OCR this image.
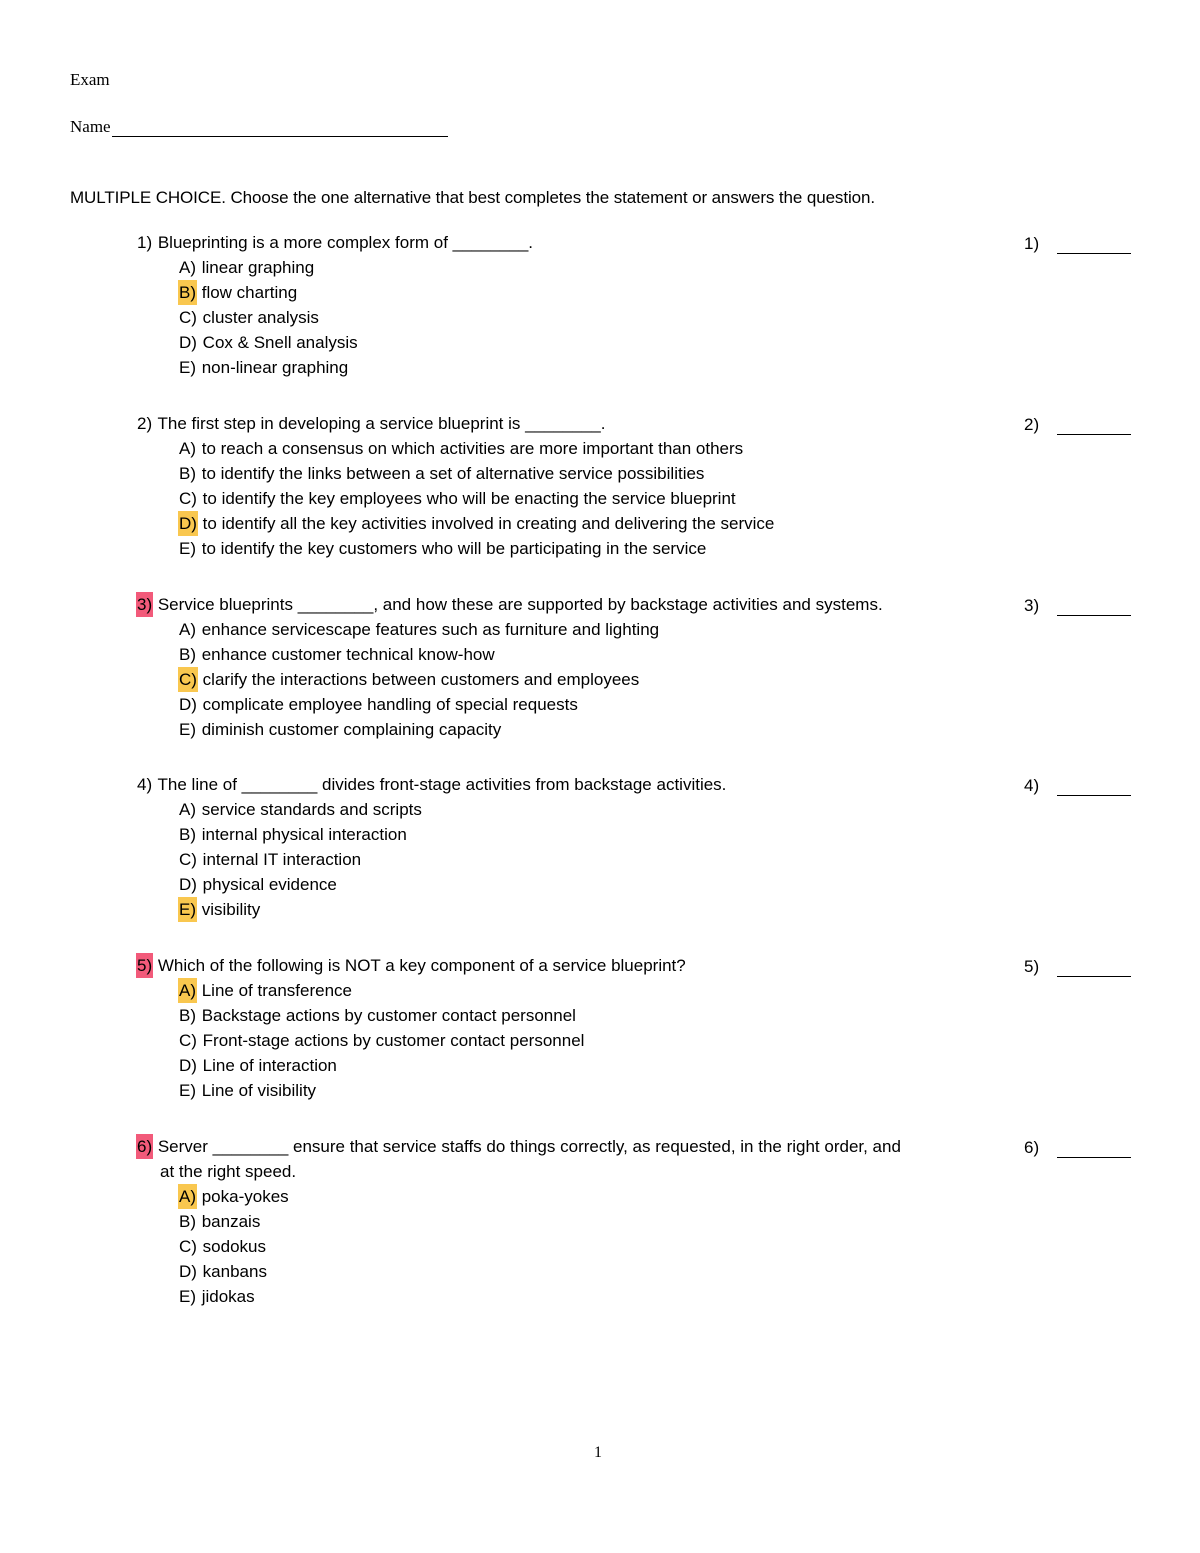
Exam
Name
MULTIPLE CHOICE. Choose the one alternative that best completes the statement or answers the question.
1) Blueprinting is a more complex form of ________.	1)
A) linear graphing
B) flow charting
C) cluster analysis
D) Cox & Snell analysis
E) non-linear graphing
2) The first step in developing a service blueprint is ________.	2)
A) to reach a consensus on which activities are more important than others
B) to identify the links between a set of alternative service possibilities
C) to identify the key employees who will be enacting the service blueprint
D) to identify all the key activities involved in creating and delivering the service
E) to identify the key customers who will be participating in the service
3) Service blueprints ________, and how these are supported by backstage activities and systems.	3)
A) enhance servicescape features such as furniture and lighting
B) enhance customer technical know-how
C) clarify the interactions between customers and employees
D) complicate employee handling of special requests
E) diminish customer complaining capacity
4) The line of ________ divides front-stage activities from backstage activities.	4)
A) service standards and scripts
B) internal physical interaction
C) internal IT interaction
D) physical evidence
E) visibility
5) Which of the following is NOT a key component of a service blueprint?	5)
A) Line of transference
B) Backstage actions by customer contact personnel
C) Front-stage actions by customer contact personnel
D) Line of interaction
E) Line of visibility
6) Server ________ ensure that service staffs do things correctly, as requested, in the right order, and
at the right speed.
6)
A) poka-yokes
B) banzais
C) sodokus
D) kanbans
E) jidokas
1
